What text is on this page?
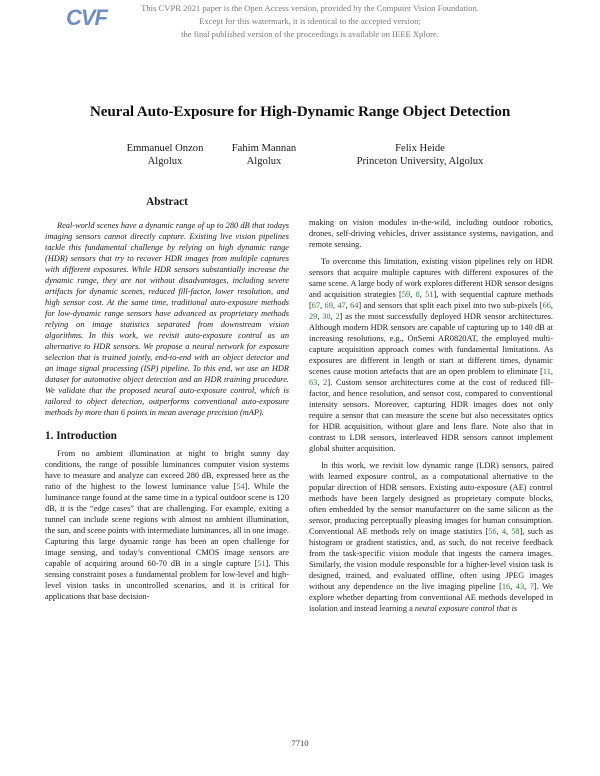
CVF	This CVPR 2021 paper is the Open Access version, provided by the Computer Vision Foundation.
Except for this watermark, it is identical to the accepted version;
the final published version of the proceedings is available on IEEE Xplore.
Neural Auto-Exposure for High-Dynamic Range Object Detection
Emmanuel Onzon
Algolux
Fahim Mannan
Algolux
Felix Heide
Princeton University, Algolux
Abstract

Real-world scenes have a dynamic range of up to 280 dB that todays imaging sensors cannot directly capture. Existing live vision pipelines tackle this fundamental challenge by relying on high dynamic range (HDR) sensors that try to recover HDR images from multiple captures with different exposures. While HDR sensors substantially increase the dynamic range, they are not without disadvantages, including severe artifacts for dynamic scenes, reduced fill-factor, lower resolution, and high sensor cost. At the same time, traditional auto-exposure methods for low-dynamic range sensors have advanced as proprietary methods relying on image statistics separated from downstream vision algorithms. In this work, we revisit auto-exposure control as an alternative to HDR sensors. We propose a neural network for exposure selection that is trained jointly, end-to-end with an object detector and an image signal processing (ISP) pipeline. To this end, we use an HDR dataset for automotive object detection and an HDR training procedure. We validate that the proposed neural auto-exposure control, which is tailored to object detection, outperforms conventional auto-exposure methods by more than 6 points in mean average precision (mAP).

1. Introduction

From no ambient illumination at night to bright sunny day conditions, the range of possible luminances computer vision systems have to measure and analyze can exceed 280 dB, expressed here as the ratio of the highest to the lowest luminance value [54]. While the luminance range found at the same time in a typical outdoor scene is 120 dB, it is the “edge cases” that are challenging. For example, exiting a tunnel can include scene regions with almost no ambient illumination, the sun, and scene points with intermediate luminances, all in one image. Capturing this large dynamic range has been an open challenge for image sensing, and today’s conventional CMOS image sensors are capable of acquiring around 60-70 dB in a single capture [51]. This sensing constraint poses a fundamental problem for low-level and high-level vision tasks in uncontrolled scenarios, and it is critical for applications that base decision-

making on vision modules in-the-wild, including outdoor robotics, drones, self-driving vehicles, driver assistance systems, navigation, and remote sensing.

To overcome this limitation, existing vision pipelines rely on HDR sensors that acquire multiple captures with different exposures of the same scene. A large body of work explores different HDR sensor designs and acquisition strategies [59, 8, 51], with sequential capture methods [67, 69, 47, 64] and sensors that split each pixel into two sub-pixels [66, 29, 30, 2] as the most successfully deployed HDR sensor architectures. Although modern HDR sensors are capable of capturing up to 140 dB at increasing resolutions, e.g., OnSemi AR0820AT, the employed multi-capture acquisition approach comes with fundamental limitations. As exposures are different in length or start at different times, dynamic scenes cause motion artefacts that are an open problem to eliminate [11, 63, 2]. Custom sensor architectures come at the cost of reduced fill-factor, and hence resolution, and sensor cost, compared to conventional intensity sensors. Moreover, capturing HDR images does not only require a sensor that can measure the scene but also necessitates optics for HDR acquisition, without glare and lens flare. Note also that in contrast to LDR sensors, interleaved HDR sensors cannot implement global shutter acquisition.

In this work, we revisit low dynamic range (LDR) sensors, paired with learned exposure control, as a computational alternative to the popular direction of HDR sensors. Existing auto-exposure (AE) control methods have been largely designed as proprietary compute blocks, often embedded by the sensor manufacturer on the same silicon as the sensor, producing perceptually pleasing images for human consumption. Conventional AE methods rely on image statistics [56, 4, 58], such as histogram or gradient statistics, and, as such, do not receive feedback from the task-specific vision module that ingests the camera images. Similarly, the vision module responsible for a higher-level vision task is designed, trained, and evaluated offline, often using JPEG images without any dependence on the live imaging pipeline [16, 43, 7]. We explore whether departing from conventional AE methods developed in isolation and instead learning a neural exposure control that is

7710
